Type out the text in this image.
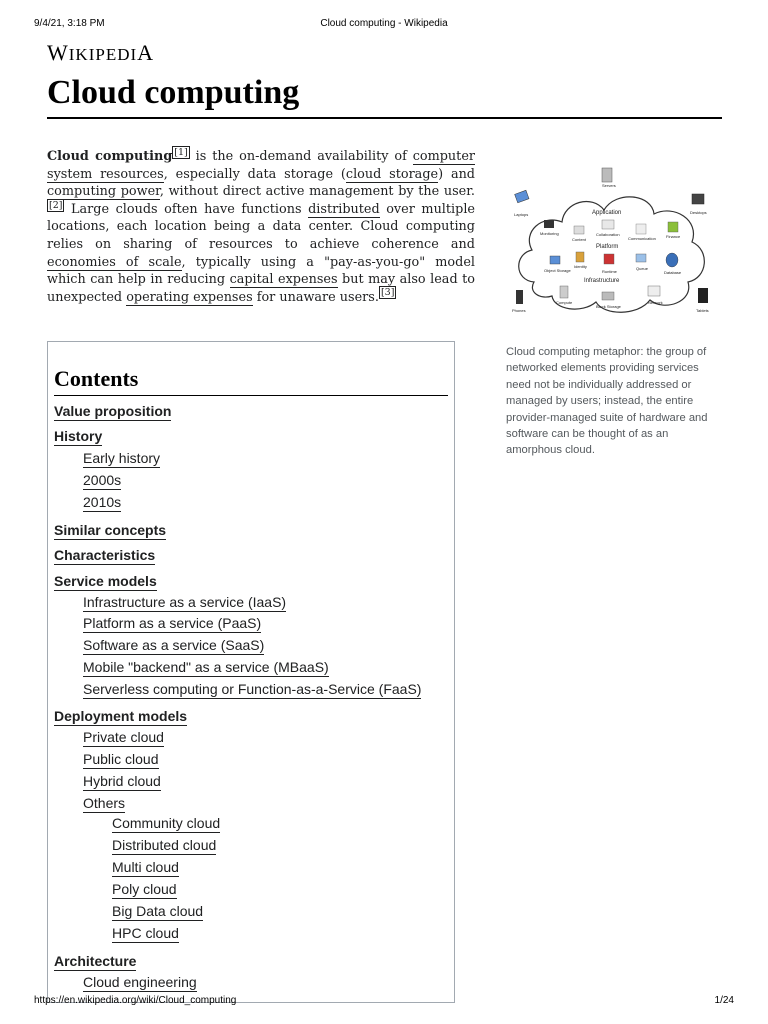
9/4/21, 3:18 PM	Cloud computing - Wikipedia
WIKIPEDIA
Cloud computing

Cloud computing [1] is the on-demand availability of computer system resources, especially data storage (cloud storage) and computing power, without direct active management by the user.[2] Large clouds often have functions distributed over multiple locations, each location being a data center. Cloud computing relies on sharing of resources to achieve coherence and economies of scale, typically using a "pay-as-you-go" model which can help in reducing capital expenses but may also lead to unexpected operating expenses for unaware users. [3]

Servers
Laptops	Desktops
Application
Monitoring
Content
Collaboration
Communication	Finance
Platform
Object Storage
Identity
Runtime
Queue
Database
Infrastructure
Compute
Block Storage
Network
Phones	Tablets

Cloud computing metaphor: the group of networked elements providing services need not be individually addressed or managed by users; instead, the entire provider-managed suite of hardware and software can be thought of as an amorphous cloud.

Contents
Value proposition
History
Early history
2000s
2010s
Similar concepts
Characteristics
Service models
Infrastructure as a service (IaaS)
Platform as a service (PaaS)
Software as a service (SaaS)
Mobile "backend" as a service (MBaaS)
Serverless computing or Function-as-a-Service (FaaS)
Deployment models
Private cloud
Public cloud
Hybrid cloud
Others
Community cloud
Distributed cloud
Multi cloud
Poly cloud
Big Data cloud
HPC cloud
Architecture
Cloud engineering
https://en.wikipedia.org/wiki/Cloud_computing	1/24
